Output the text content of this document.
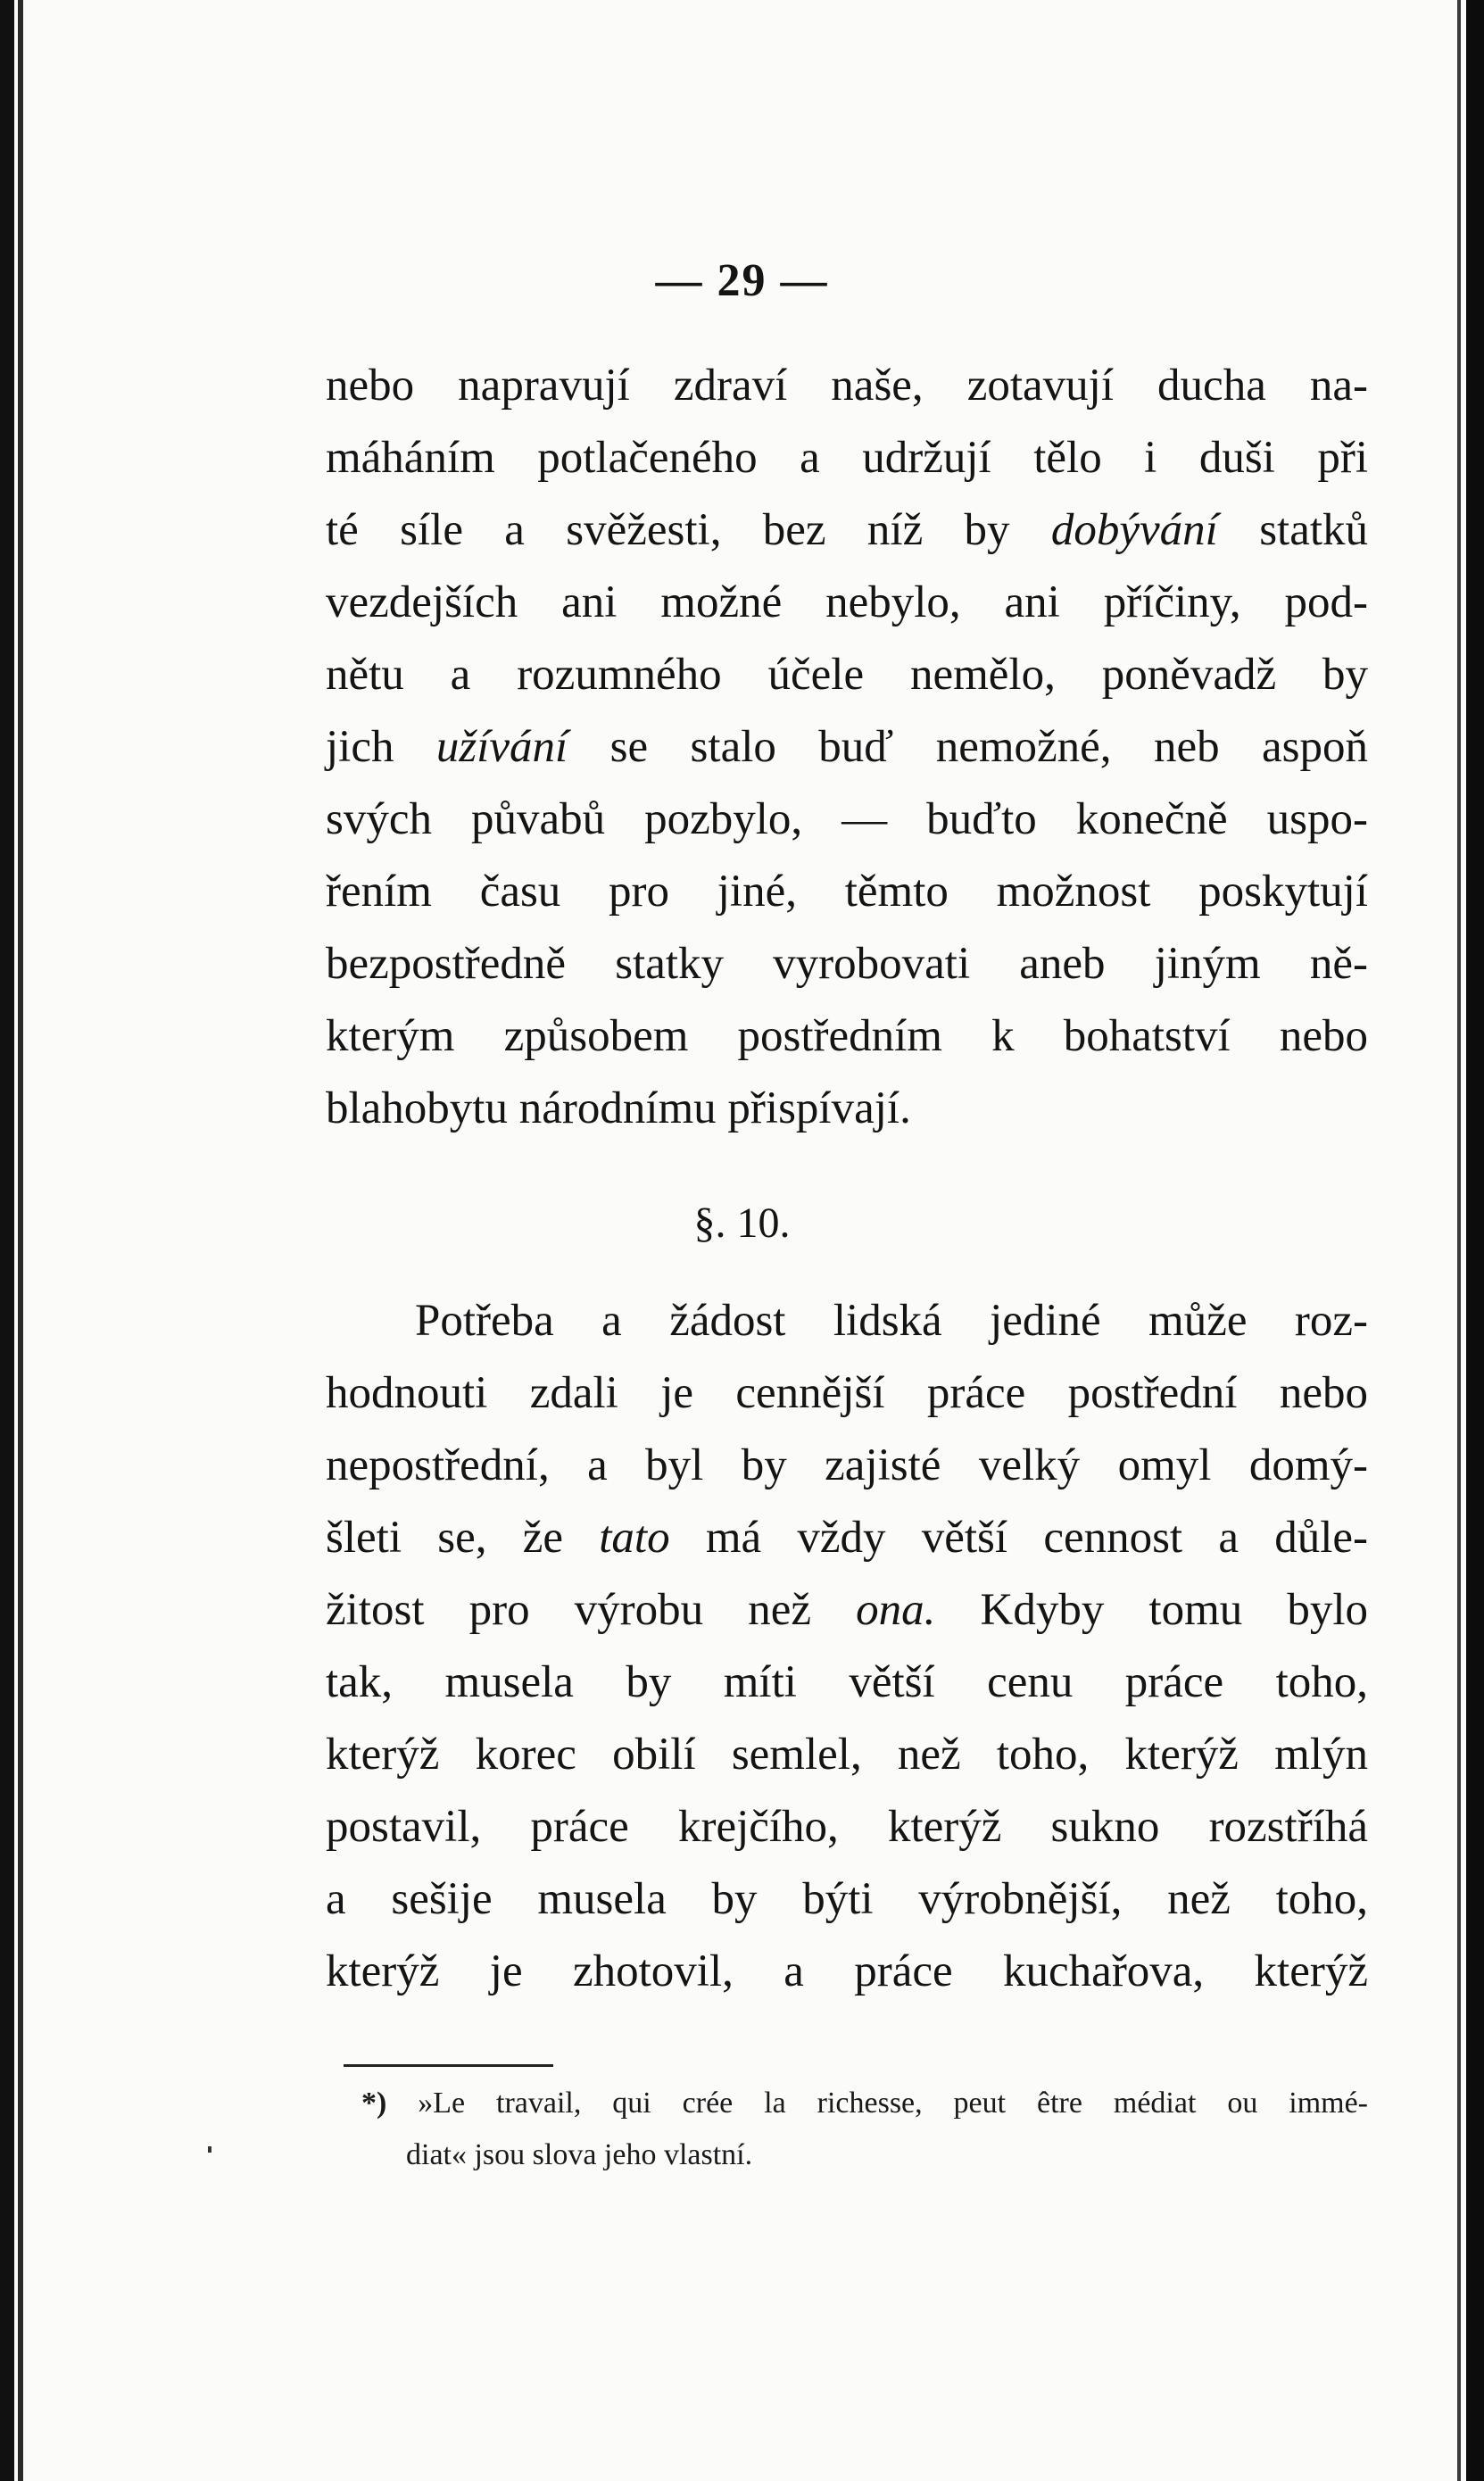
— 29 —
nebo napravují zdraví naše, zotavují ducha na-
máháním potlačeného a udržují tělo i duši při
té síle a svěžesti, bez níž by dobývání statků
vezdejších ani možné nebylo, ani příčiny, pod-
nětu a rozumného účele nemělo, poněvadž by
jich užívání se stalo buď nemožné, neb aspoň
svých půvabů pozbylo, — buďto konečně uspo-
řením času pro jiné, těmto možnost poskytují
bezpostředně statky vyrobovati aneb jiným ně-
kterým způsobem postředním k bohatství nebo
blahobytu národnímu přispívají.
§. 10.
Potřeba a žádost lidská jediné může roz-
hodnouti zdali je cennější práce postřední nebo
nepostřední, a byl by zajisté velký omyl domý-
šleti se, že tato má vždy větší cennost a důle-
žitost pro výrobu než ona. Kdyby tomu bylo
tak, musela by míti větší cenu práce toho,
kterýž korec obilí semlel, než toho, kterýž mlýn
postavil, práce krejčího, kterýž sukno rozstříhá
a sešije musela by býti výrobnější, než toho,
kterýž je zhotovil, a práce kuchařova, kterýž
*) »Le travail, qui crée la richesse, peut être médiat ou immé-
diat« jsou slova jeho vlastní.
